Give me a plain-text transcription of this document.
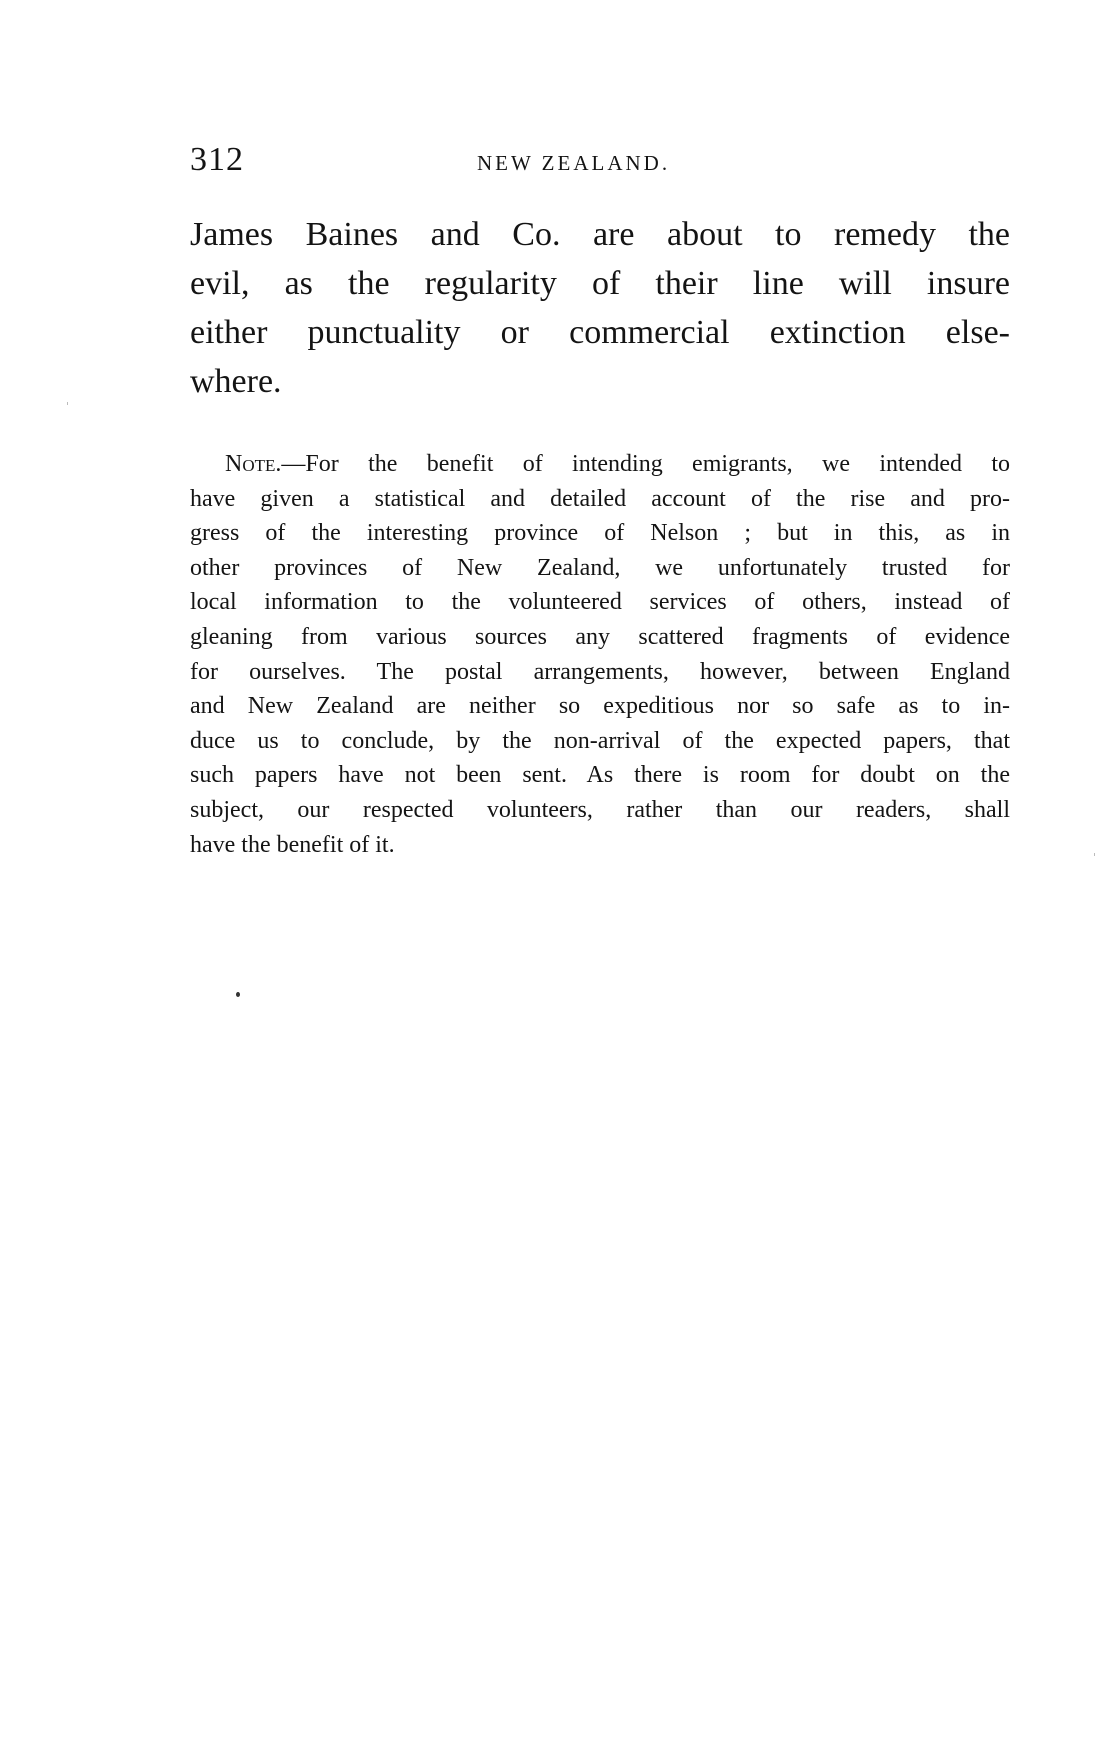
312	NEW ZEALAND.
James Baines and Co. are about to remedy the
evil, as the regularity of their line will insure
either punctuality or commercial extinction else-
where.
Note.—For the benefit of intending emigrants, we intended to
have given a statistical and detailed account of the rise and pro-
gress of the interesting province of Nelson ; but in this, as in
other provinces of New Zealand, we unfortunately trusted for
local information to the volunteered services of others, instead of
gleaning from various sources any scattered fragments of evidence
for ourselves. The postal arrangements, however, between England
and New Zealand are neither so expeditious nor so safe as to in-
duce us to conclude, by the non-arrival of the expected papers, that
such papers have not been sent. As there is room for doubt on the
subject, our respected volunteers, rather than our readers, shall
have the benefit of it.
